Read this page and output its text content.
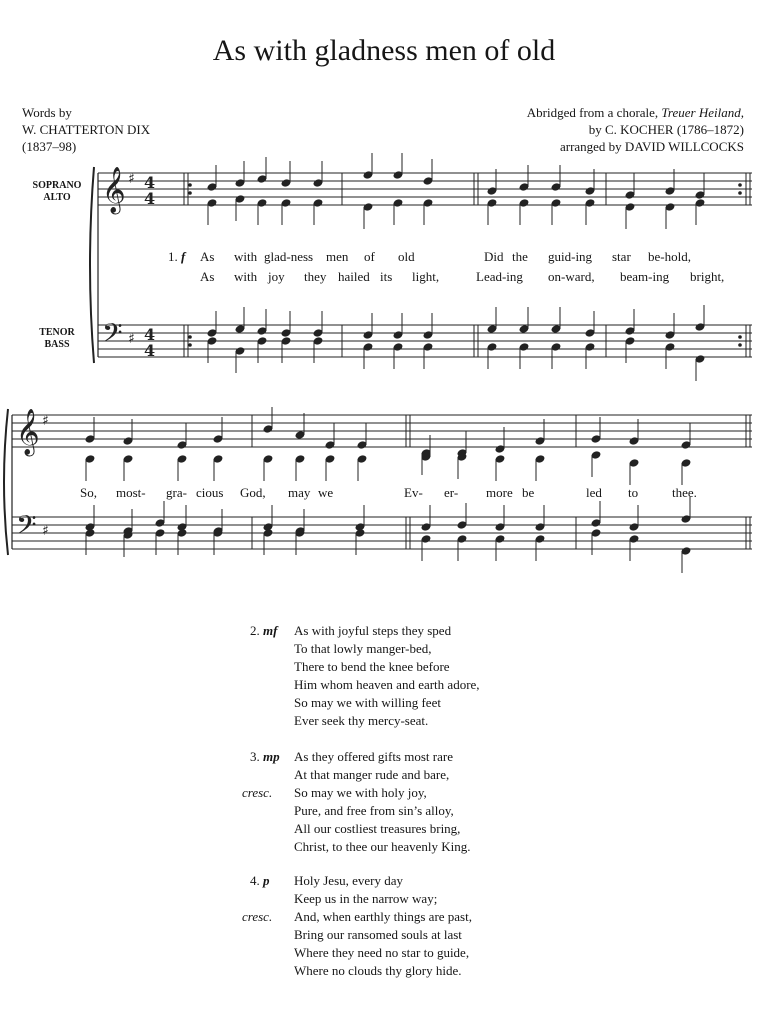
As with gladness men of old
Words by
W. CHATTERTON DIX
(1837–98)
Abridged from a chorale, Treuer Heiland,
by C. KOCHER (1786–1872)
arranged by DAVID WILLCOCKS
SOPRANO
ALTO
TENOR
BASS
𝄞
𝄢
♯
♯
4
4
4
4
𝄞
𝄢
♯
♯
1. f As with glad-ness men of old	Did the guid-ing star be-hold,
As with joy they hailed its light,	Lead-ing on-ward, beam-ing bright,
So, most- gra- cious God, may we	Ev- er- more be	led to	thee.
2. mf As with joyful steps they sped
To that lowly manger-bed,
There to bend the knee before
Him whom heaven and earth adore,
So may we with willing feet
Ever seek thy mercy-seat.
3. mp As they offered gifts most rare
At that manger rude and bare,
cresc. So may we with holy joy,
Pure, and free from sin’s alloy,
All our costliest treasures bring,
Christ, to thee our heavenly King.
4. p Holy Jesu, every day
Keep us in the narrow way;
cresc. And, when earthly things are past,
Bring our ransomed souls at last
Where they need no star to guide,
Where no clouds thy glory hide.
